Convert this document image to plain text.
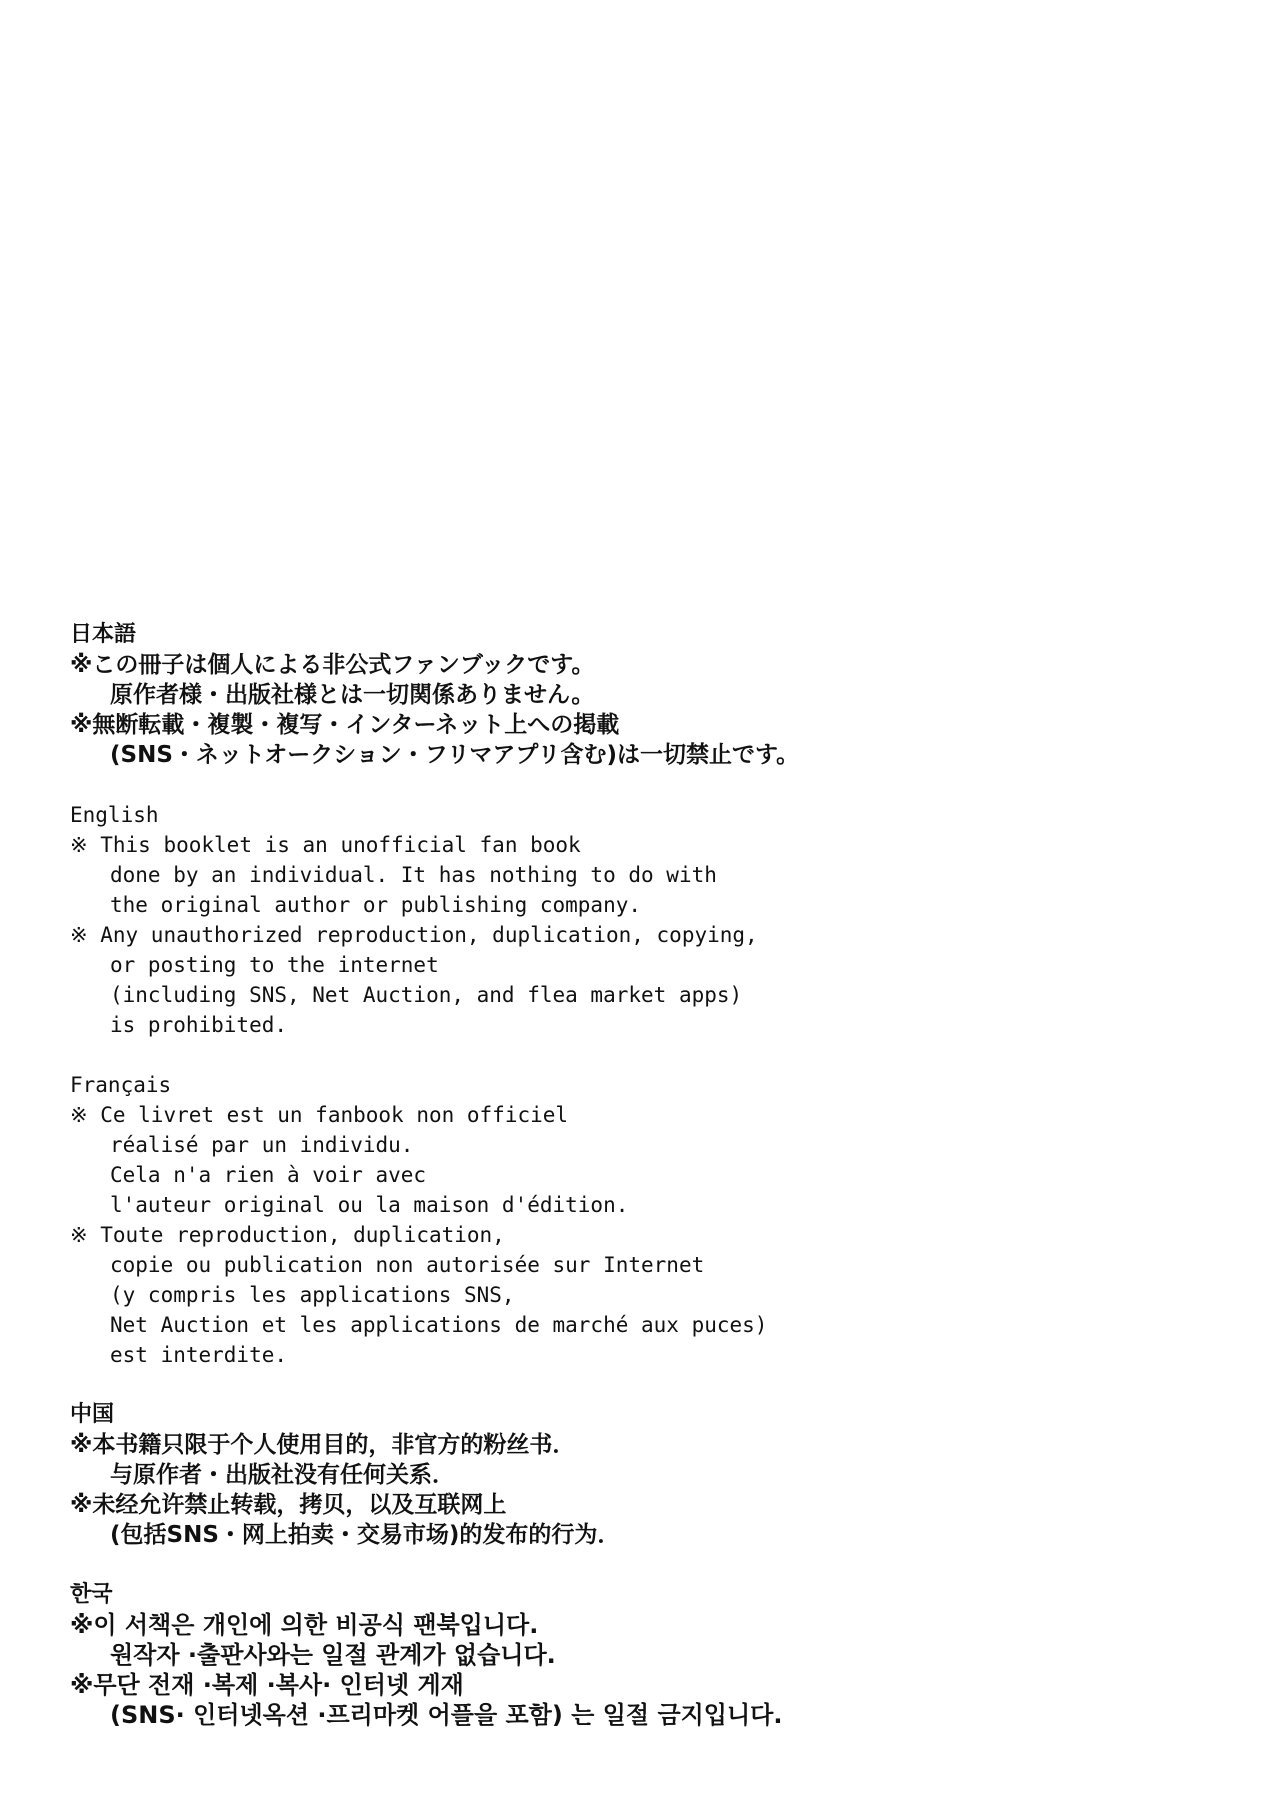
日本語

※この冊子は個人による非公式ファンブックです。

原作者様・出版社様とは一切関係ありません。

※無断転載・複製・複写・インターネット上への掲載

(SNS・ネットオークション・フリマアプリ含む)は一切禁止です。

English

※ This booklet is an unofficial fan book

done by an individual. It has nothing to do with

the original author or publishing company.

※ Any unauthorized reproduction, duplication, copying,

or posting to the internet

(including SNS, Net Auction, and flea market apps)

is prohibited.

Français

※ Ce livret est un fanbook non officiel

réalisé par un individu.

Cela n'a rien à voir avec

l'auteur original ou la maison d'édition.

※ Toute reproduction, duplication,

copie ou publication non autorisée sur Internet

(y compris les applications SNS,

Net Auction et les applications de marché aux puces)

est interdite.

中国

※本书籍只限于个人使用目的，非官方的粉丝书．

与原作者・出版社没有任何关系．

※未经允许禁止转载，拷贝，以及互联网上

(包括SNS・网上拍卖・交易市场)的发布的行为．

한국

※이 서책은 개인에 의한 비공식 팬북입니다.

원작자 ·출판사와는 일절 관계가 없습니다.

※무단 전재 ·복제 ·복사· 인터넷 게재

(SNS· 인터넷옥션 ·프리마켓 어플을 포함) 는 일절 금지입니다.
